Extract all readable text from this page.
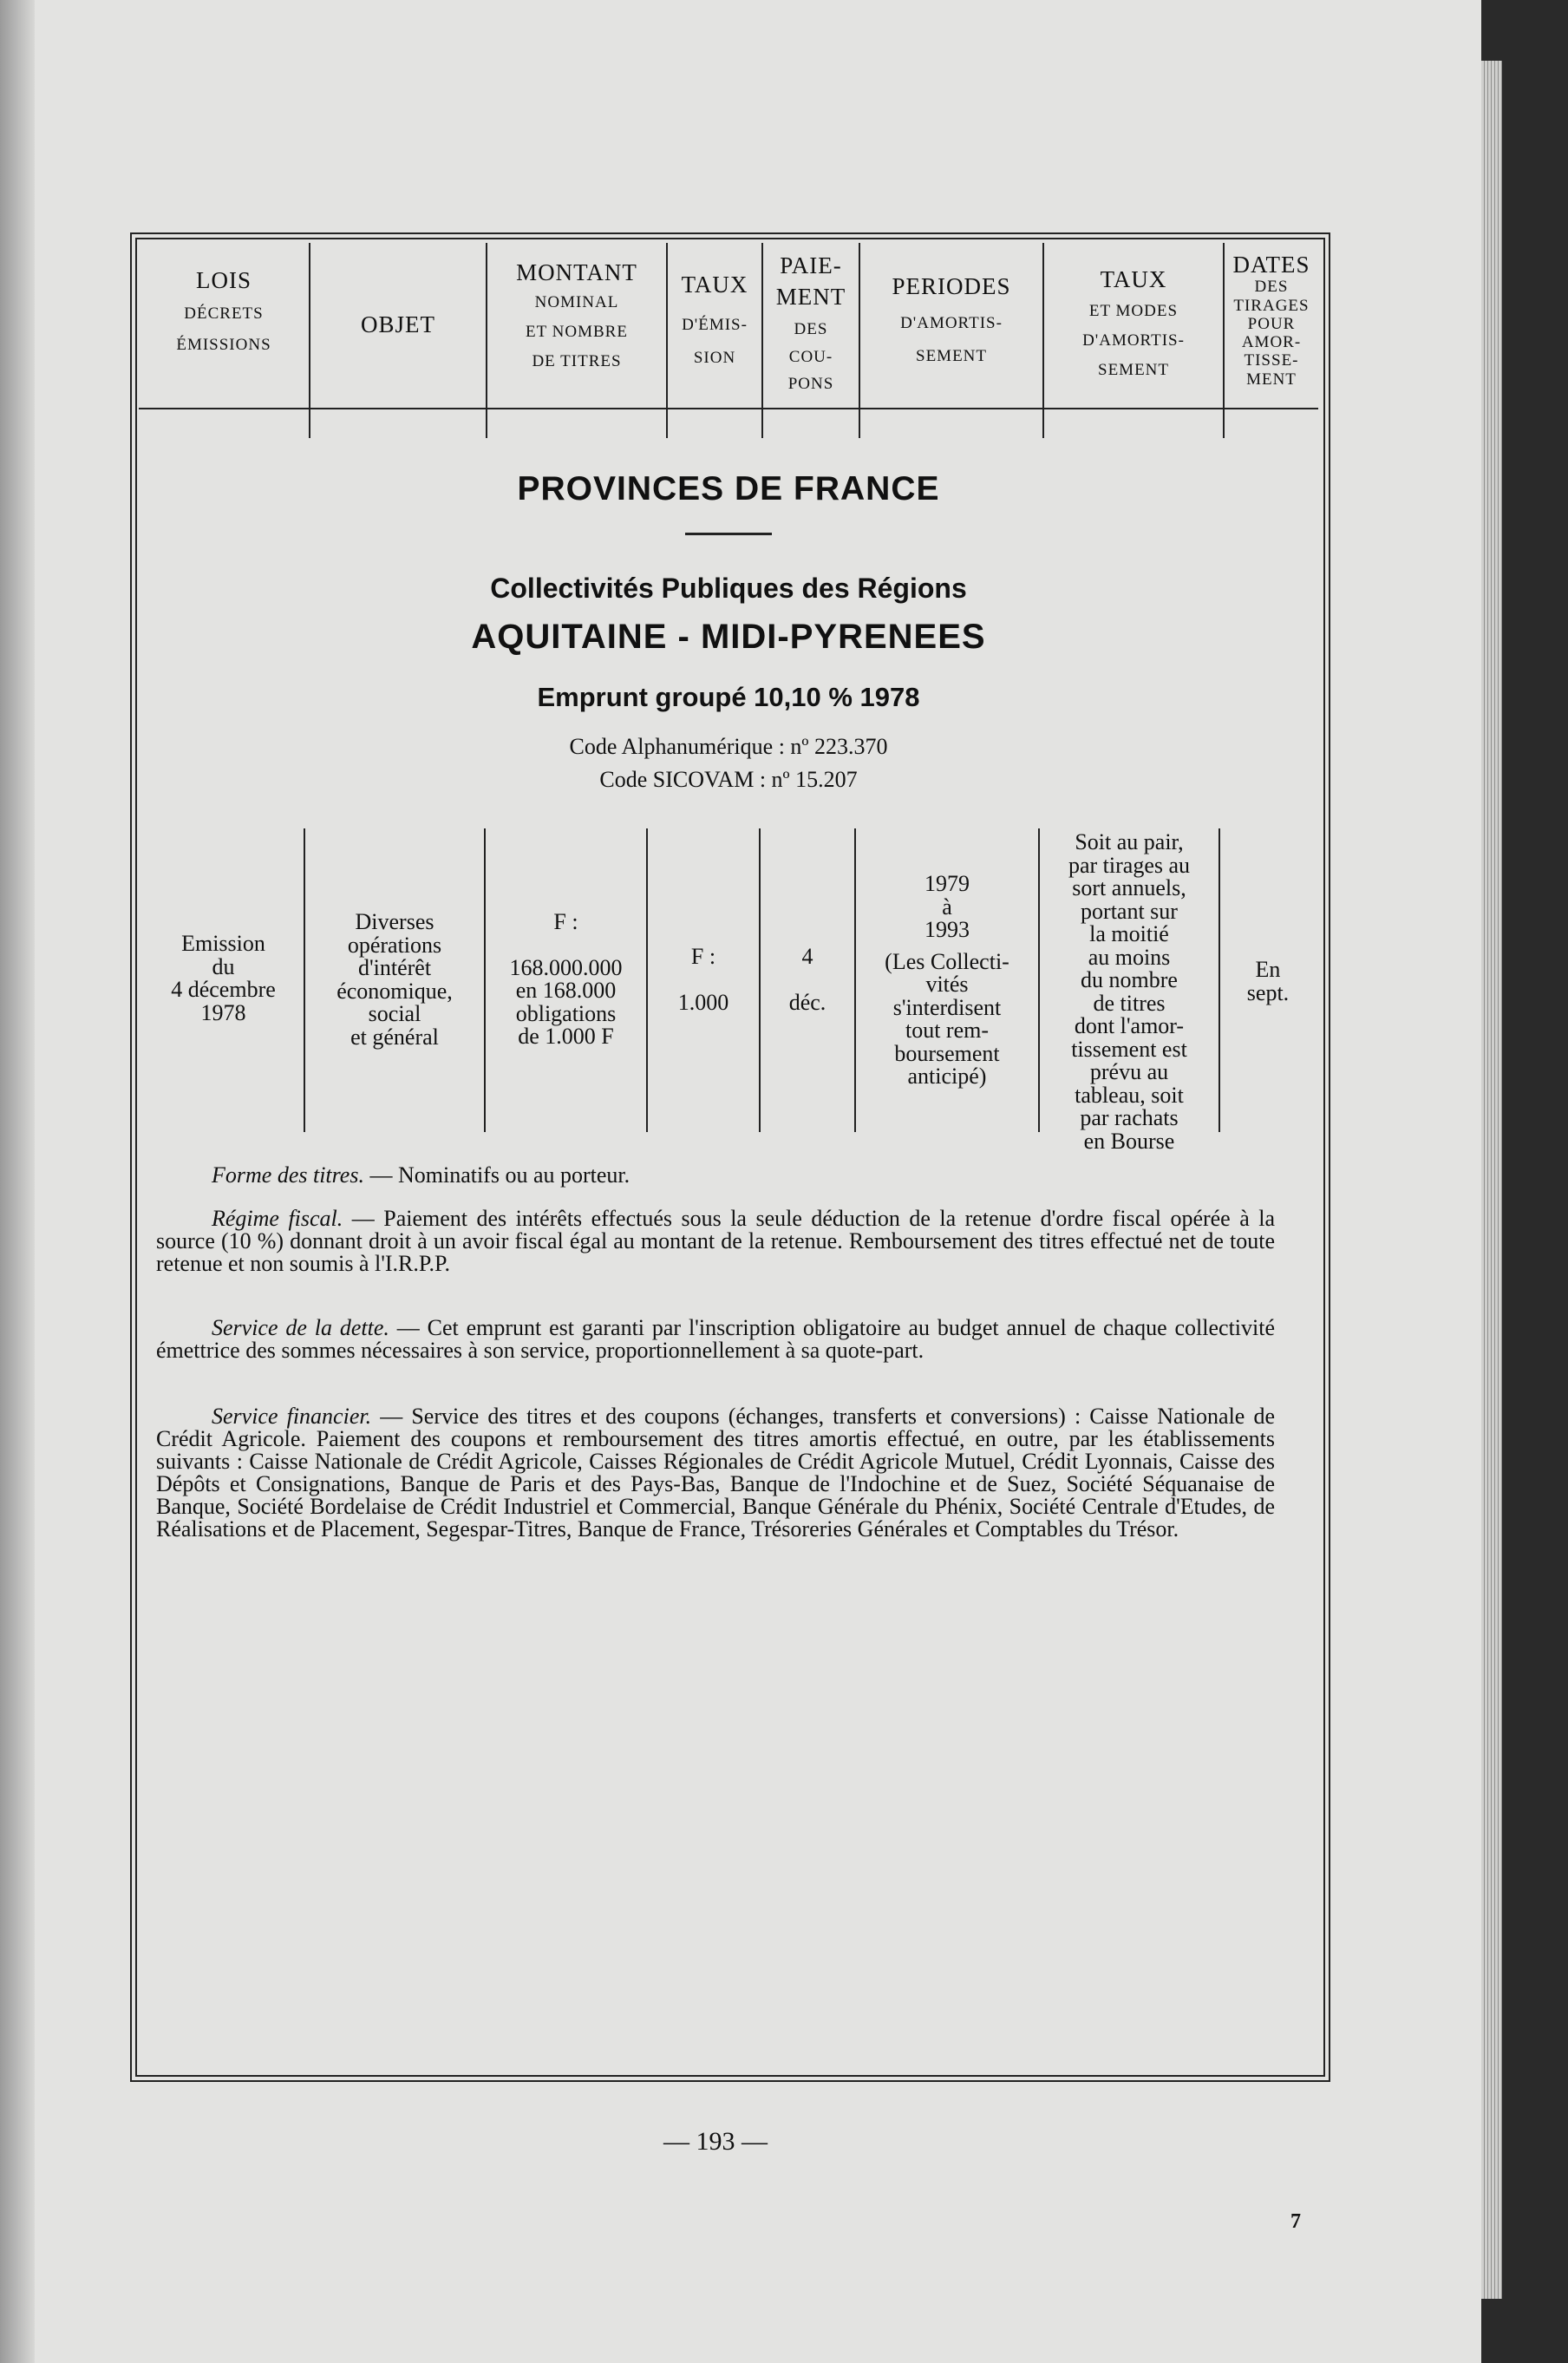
LOIS
DÉCRETS
ÉMISSIONS
OBJET
MONTANT
NOMINAL
ET NOMBRE
DE TITRES
TAUX
D'ÉMIS-
SION
PAIE-
MENT
DES
COU-
PONS
PERIODES
D'AMORTIS-
SEMENT
TAUX
ET MODES
D'AMORTIS-
SEMENT
DATES
DES
TIRAGES
POUR
AMOR-
TISSE-
MENT
PROVINCES DE FRANCE
Collectivités Publiques des Régions
AQUITAINE - MIDI-PYRENEES
Emprunt groupé 10,10 % 1978
Code Alphanumérique : nº 223.370
Code SICOVAM : nº 15.207
Emission
du
4 décembre
1978
Diverses
opérations
d'intérêt
économique,
social
et général
F :
168.000.000
en 168.000
obligations
de 1.000 F
F :
1.000
4
déc.
1979
à
1993
(Les Collecti-
vités
s'interdisent
tout rem-
boursement
anticipé)
Soit au pair,
par tirages au
sort annuels,
portant sur
la moitié
au moins
du nombre
de titres
dont l'amor-
tissement est
prévu au
tableau, soit
par rachats
en Bourse
En
sept.
Forme des titres. — Nominatifs ou au porteur.
Régime fiscal. — Paiement des intérêts effectués sous la seule déduction de la retenue d'ordre fiscal opérée à la source (10 %) donnant droit à un avoir fiscal égal au montant de la retenue. Remboursement des titres effectué net de toute retenue et non soumis à l'I.R.P.P.
Service de la dette. — Cet emprunt est garanti par l'inscription obligatoire au budget annuel de chaque collectivité émettrice des sommes nécessaires à son service, proportionnellement à sa quote-part.
Service financier. — Service des titres et des coupons (échanges, transferts et conversions) : Caisse Nationale de Crédit Agricole. Paiement des coupons et remboursement des titres amortis effectué, en outre, par les établissements suivants : Caisse Nationale de Crédit Agricole, Caisses Régionales de Crédit Agricole Mutuel, Crédit Lyonnais, Caisse des Dépôts et Consignations, Banque de Paris et des Pays-Bas, Banque de l'Indochine et de Suez, Société Séquanaise de Banque, Société Bordelaise de Crédit Industriel et Commercial, Banque Générale du Phénix, Société Centrale d'Etudes, de Réalisations et de Placement, Segespar-Titres, Banque de France, Trésoreries Générales et Comptables du Trésor.
— 193 —
7
